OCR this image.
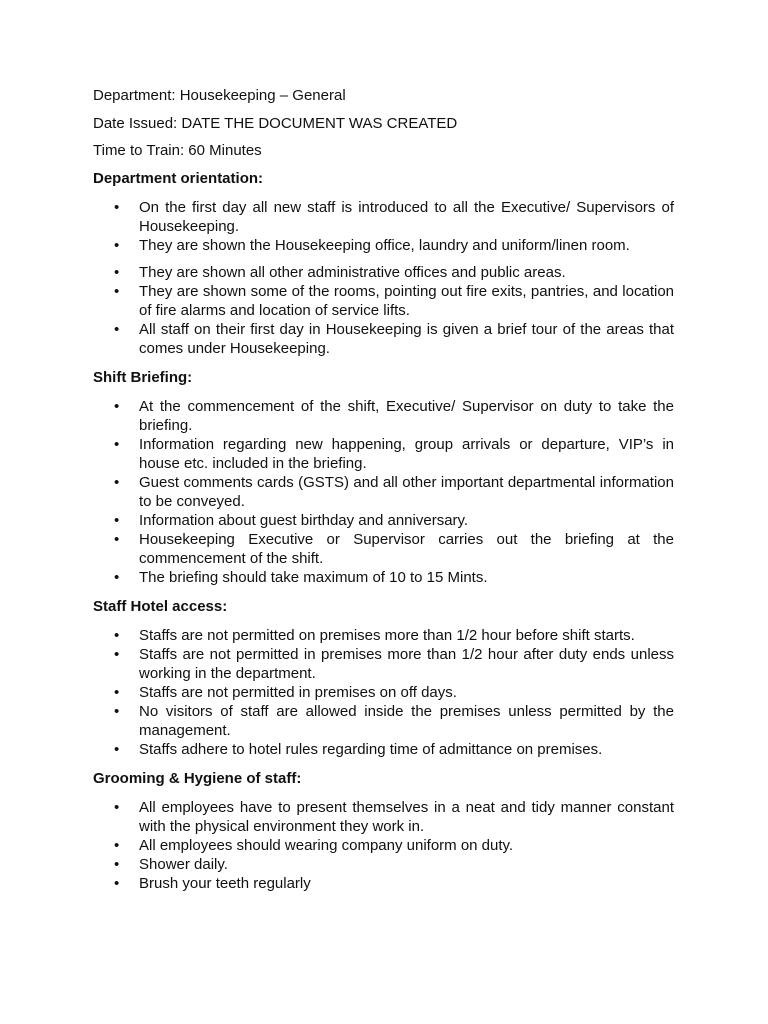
Department: Housekeeping – General
Date Issued: DATE THE DOCUMENT WAS CREATED
Time to Train: 60 Minutes
Department orientation:
• On the first day all new staff is introduced to all the Executive/ Supervisors of Housekeeping.
• They are shown the Housekeeping office, laundry and uniform/linen room.
• They are shown all other administrative offices and public areas.
• They are shown some of the rooms, pointing out fire exits, pantries, and location of fire alarms and location of service lifts.
• All staff on their first day in Housekeeping is given a brief tour of the areas that comes under Housekeeping.
Shift Briefing:
• At the commencement of the shift, Executive/ Supervisor on duty to take the briefing.
• Information regarding new happening, group arrivals or departure, VIP’s in house etc. included in the briefing.
• Guest comments cards (GSTS) and all other important departmental information to be conveyed.
• Information about guest birthday and anniversary.
• Housekeeping Executive or Supervisor carries out the briefing at the commencement of the shift.
• The briefing should take maximum of 10 to 15 Mints.
Staff Hotel access:
• Staffs are not permitted on premises more than 1/2 hour before shift starts.
• Staffs are not permitted in premises more than 1/2 hour after duty ends unless working in the department.
• Staffs are not permitted in premises on off days.
• No visitors of staff are allowed inside the premises unless permitted by the management.
• Staffs adhere to hotel rules regarding time of admittance on premises.
Grooming & Hygiene of staff:
• All employees have to present themselves in a neat and tidy manner constant with the physical environment they work in.
• All employees should wearing company uniform on duty.
• Shower daily.
• Brush your teeth regularly
